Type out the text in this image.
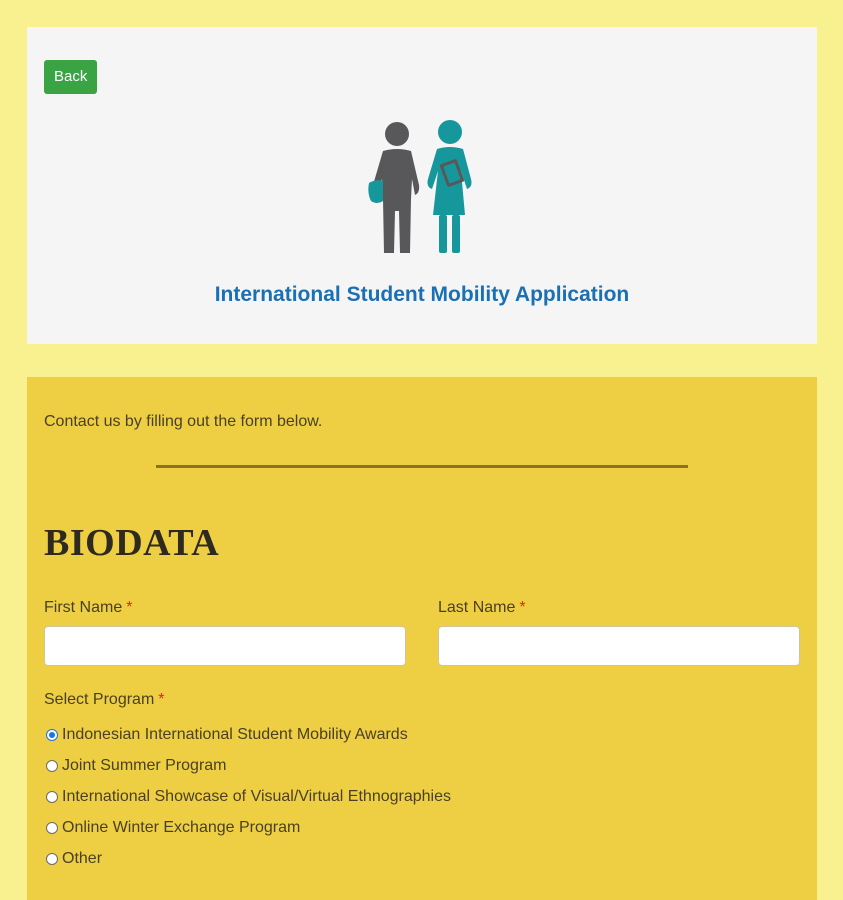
Back
International Student Mobility Application

Contact us by filling out the form below.

BIODATA
First Name *	Last Name *
Select Program *
Indonesian International Student Mobility Awards
Joint Summer Program
International Showcase of Visual/Virtual Ethnographies
Online Winter Exchange Program
Other
